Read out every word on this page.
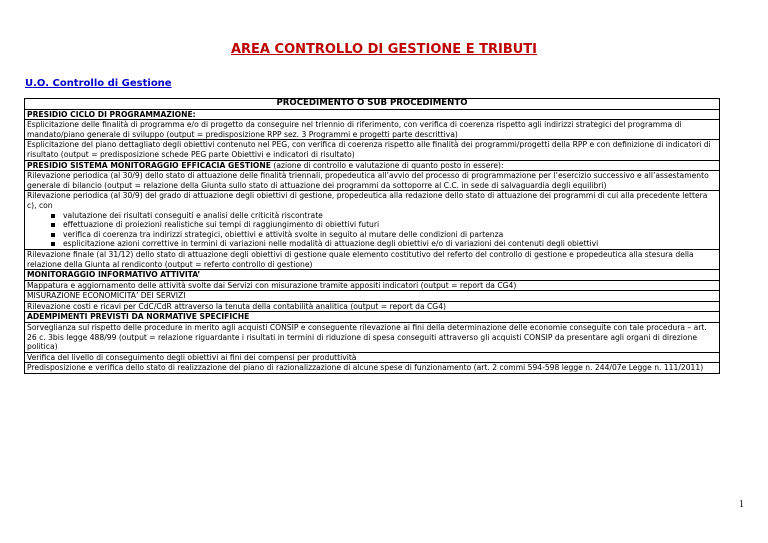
AREA CONTROLLO DI GESTIONE E TRIBUTI
U.O. Controllo di Gestione
PROCEDIMENTO O SUB PROCEDIMENTO
PRESIDIO CICLO DI PROGRAMMAZIONE:
Esplicitazione delle finalità di programma e/o di progetto da conseguire nel triennio di riferimento, con verifica di coerenza rispetto agli indirizzi strategici del programma di mandato/piano generale di sviluppo (output = predisposizione RPP sez. 3 Programmi e progetti parte descrittiva)
Esplicitazione del piano dettagliato degli obiettivi contenuto nel PEG, con verifica di coerenza rispetto alle finalità dei programmi/progetti della RPP e con definizione di indicatori di risultato (output = predisposizione schede PEG parte Obiettivi e indicatori di risultato)
PRESIDIO SISTEMA MONITORAGGIO EFFICACIA GESTIONE (azione di controllo e valutazione di quanto posto in essere):
Rilevazione periodica (al 30/9) dello stato di attuazione delle finalità triennali, propedeutica all’avvio del processo di programmazione per l’esercizio successivo e all’assestamento generale di bilancio (output = relazione della Giunta sullo stato di attuazione dei programmi da sottoporre al C.C. in sede di salvaguardia degli equilibri)
Rilevazione periodica (al 30/9) del grado di attuazione degli obiettivi di gestione, propedeutica alla redazione dello stato di attuazione dei programmi di cui alla precedente lettera c), con
valutazione dei risultati conseguiti e analisi delle criticità riscontrate
effettuazione di proiezioni realistiche sui tempi di raggiungimento di obiettivi futuri
verifica di coerenza tra indirizzi strategici, obiettivi e attività svolte in seguito al mutare delle condizioni di partenza
esplicitazione azioni correttive in termini di variazioni nelle modalità di attuazione degli obiettivi e/o di variazioni dei contenuti degli obiettivi

Rilevazione finale (al 31/12) dello stato di attuazione degli obiettivi di gestione quale elemento costitutivo del referto del controllo di gestione e propedeutica alla stesura della relazione della Giunta al rendiconto (output = referto controllo di gestione)
MONITORAGGIO INFORMATIVO ATTIVITA’
Mappatura e aggiornamento delle attività svolte dai Servizi con misurazione tramite appositi indicatori (output = report da CG4)
MISURAZIONE ECONOMICITA’ DEI SERVIZI
Rilevazione costi e ricavi per CdC/CdR attraverso la tenuta della contabilità analitica (output = report da CG4)
ADEMPIMENTI PREVISTI DA NORMATIVE SPECIFICHE
Sorveglianza sul rispetto delle procedure in merito agli acquisti CONSIP e conseguente rilevazione ai fini della determinazione delle economie conseguite con tale procedura – art. 26 c. 3bis legge 488/99 (output = relazione riguardante i risultati in termini di riduzione di spesa conseguiti attraverso gli acquisti CONSIP da presentare agli organi di direzione politica)
Verifica del livello di conseguimento degli obiettivi ai fini dei compensi per produttività
Predisposizione e verifica dello stato di realizzazione del piano di razionalizzazione di alcune spese di funzionamento (art. 2 commi 594-598 legge n. 244/07e Legge n. 111/2011)
1
